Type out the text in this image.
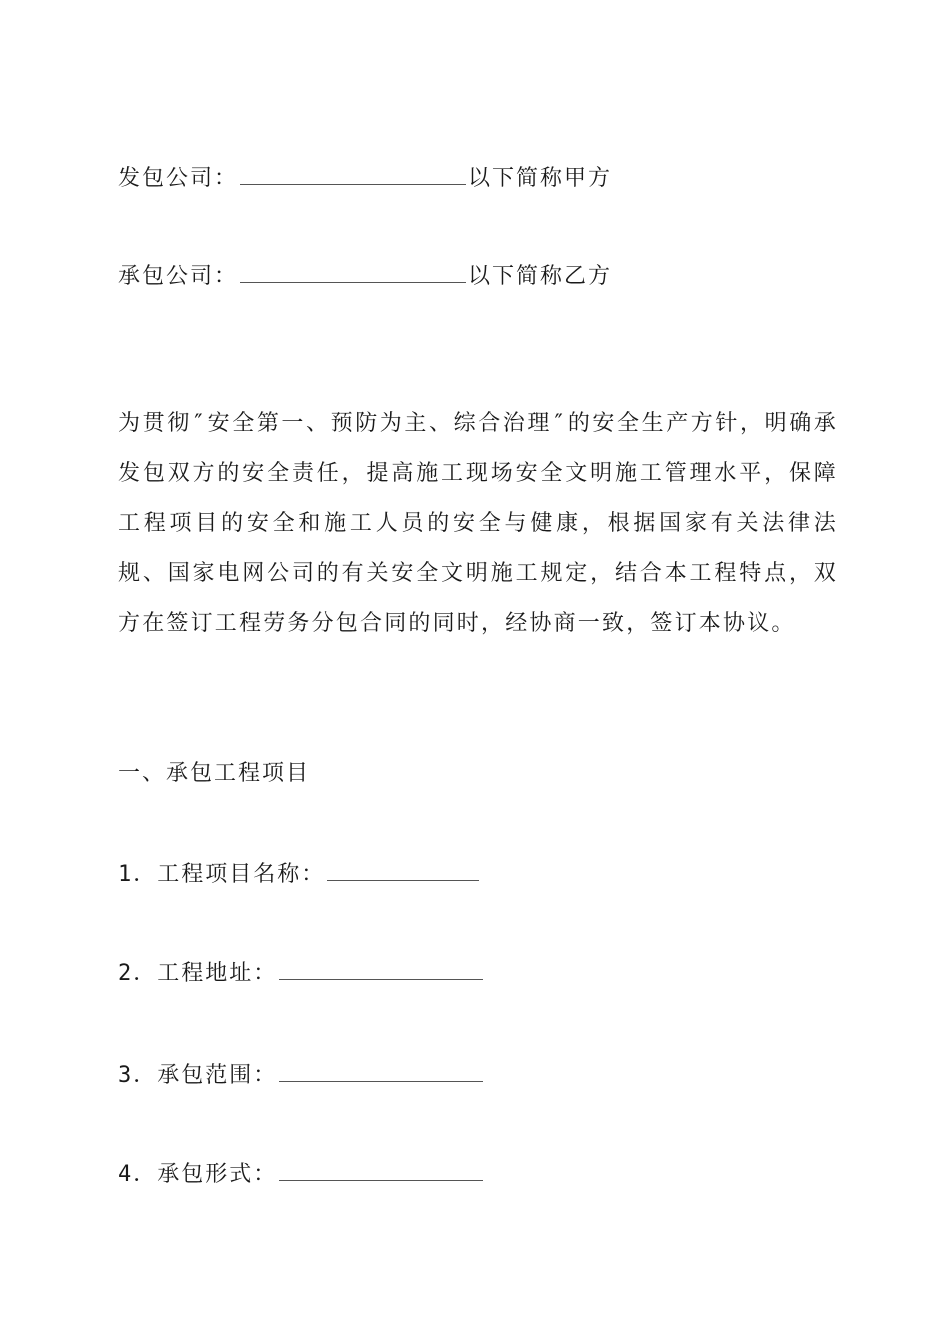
发包公司：	以下简称甲方
承包公司：	以下简称乙方
为贯彻″安全第一、预防为主、综合治理″的安全生产方针，明确承发包双方的安全责任，提高施工现场安全文明施工管理水平，保障工程项目的安全和施工人员的安全与健康，根据国家有关法律法规、国家电网公司的有关安全文明施工规定，结合本工程特点，双方在签订工程劳务分包合同的同时，经协商一致，签订本协议。
一、承包工程项目
1．工程项目名称：
2．工程地址：
3．承包范围：
4．承包形式：
